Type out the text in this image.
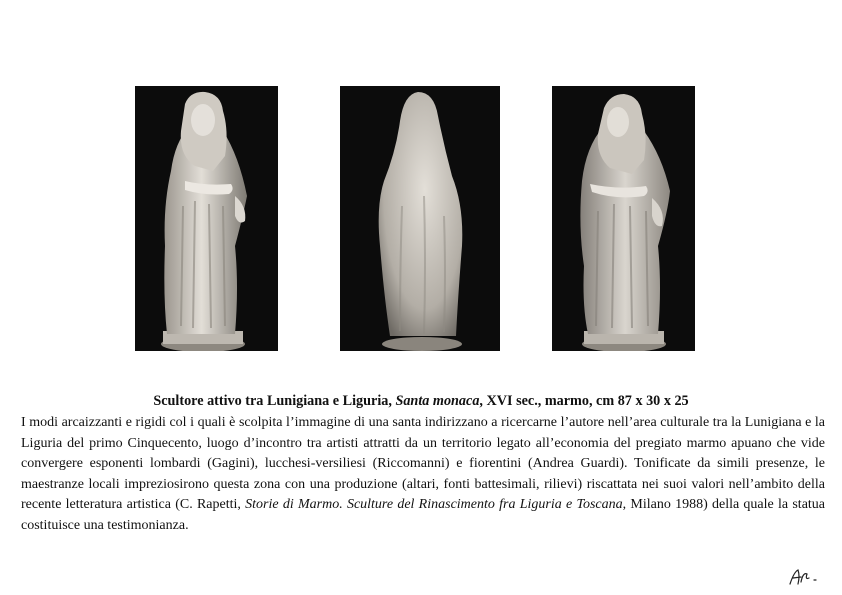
Scultore attivo tra Lunigiana e Liguria, Santa monaca, XVI sec., marmo, cm 87 x 30 x 25
I modi arcaizzanti e rigidi col i quali è scolpita l’immagine di una santa indirizzano a ricercarne l’autore nell’area culturale tra la Lunigiana e la Liguria del primo Cinquecento, luogo d’incontro tra artisti attratti da un territorio legato all’economia del pregiato marmo apuano che vide convergere esponenti lombardi (Gagini), lucchesi-versiliesi (Riccomanni) e fiorentini (Andrea Guardi). Tonificate da simili presenze, le maestranze locali impreziosirono questa zona con una produzione (altari, fonti battesimali, rilievi) riscattata nei suoi valori nell’ambito della recente letteratura artistica (C. Rapetti, Storie di Marmo. Sculture del Rinascimento fra Liguria e Toscana, Milano 1988) della quale la statua costituisce una testimonianza.
